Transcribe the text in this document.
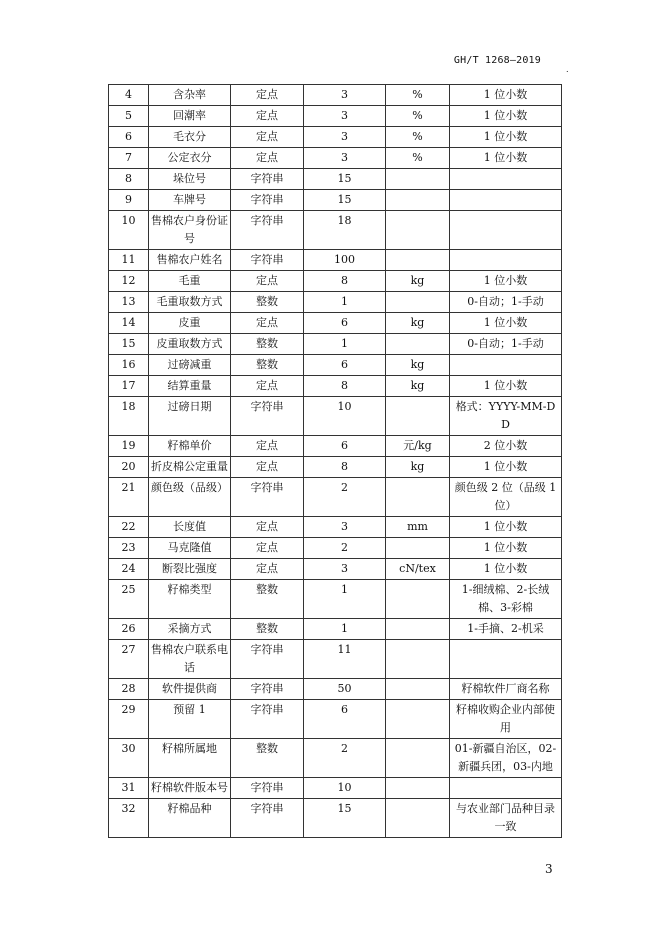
GH/T 1268—2019
.
4	含杂率	定点	3	%	1 位小数
5	回潮率	定点	3	%	1 位小数
6	毛衣分	定点	3	%	1 位小数
7	公定衣分	定点	3	%	1 位小数
8	垛位号	字符串	15		
9	车牌号	字符串	15		
10	售棉农户身份证号	字符串	18		
11	售棉农户姓名	字符串	100		
12	毛重	定点	8	kg	1 位小数
13	毛重取数方式	整数	1		0-自动；1-手动
14	皮重	定点	6	kg	1 位小数
15	皮重取数方式	整数	1		0-自动；1-手动
16	过磅减重	整数	6	kg	
17	结算重量	定点	8	kg	1 位小数
18	过磅日期	字符串	10		格式：YYYY-MM-DD
19	籽棉单价	定点	6	元/kg	2 位小数
20	折皮棉公定重量	定点	8	kg	1 位小数
21	颜色级（品级）	字符串	2		颜色级 2 位（品级 1 位）
22	长度值	定点	3	mm	1 位小数
23	马克隆值	定点	2		1 位小数
24	断裂比强度	定点	3	cN/tex	1 位小数
25	籽棉类型	整数	1		1-细绒棉、2-长绒棉、3-彩棉
26	采摘方式	整数	1		1-手摘、2-机采
27	售棉农户联系电话	字符串	11		
28	软件提供商	字符串	50		籽棉软件厂商名称
29	预留 1	字符串	6		籽棉收购企业内部使用
30	籽棉所属地	整数	2		01-新疆自治区，02-新疆兵团，03-内地
31	籽棉软件版本号	字符串	10		
32	籽棉品种	字符串	15		与农业部门品种目录一致
3
